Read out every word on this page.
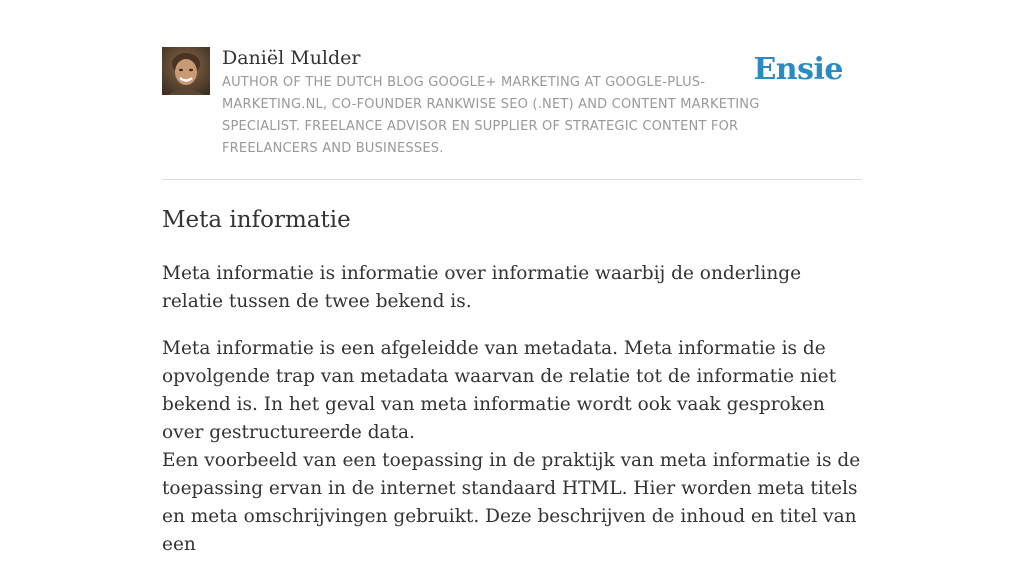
Daniël Mulder

AUTHOR OF THE DUTCH BLOG GOOGLE+ MARKETING AT GOOGLE-PLUS-MARKETING.NL, CO-FOUNDER RANKWISE SEO (.NET) AND CONTENT MARKETING SPECIALIST. FREELANCE ADVISOR EN SUPPLIER OF STRATEGIC CONTENT FOR FREELANCERS AND BUSINESSES.

Ensie
Meta informatie

Meta informatie is informatie over informatie waarbij de onderlinge relatie tussen de twee bekend is.

Meta informatie is een afgeleidde van metadata. Meta informatie is de opvolgende trap van metadata waarvan de relatie tot de informatie niet bekend is. In het geval van meta informatie wordt ook vaak gesproken over gestructureerde data.
Een voorbeeld van een toepassing in de praktijk van meta informatie is de toepassing ervan in de internet standaard HTML. Hier worden meta titels en meta omschrijvingen gebruikt. Deze beschrijven de inhoud en titel van een
